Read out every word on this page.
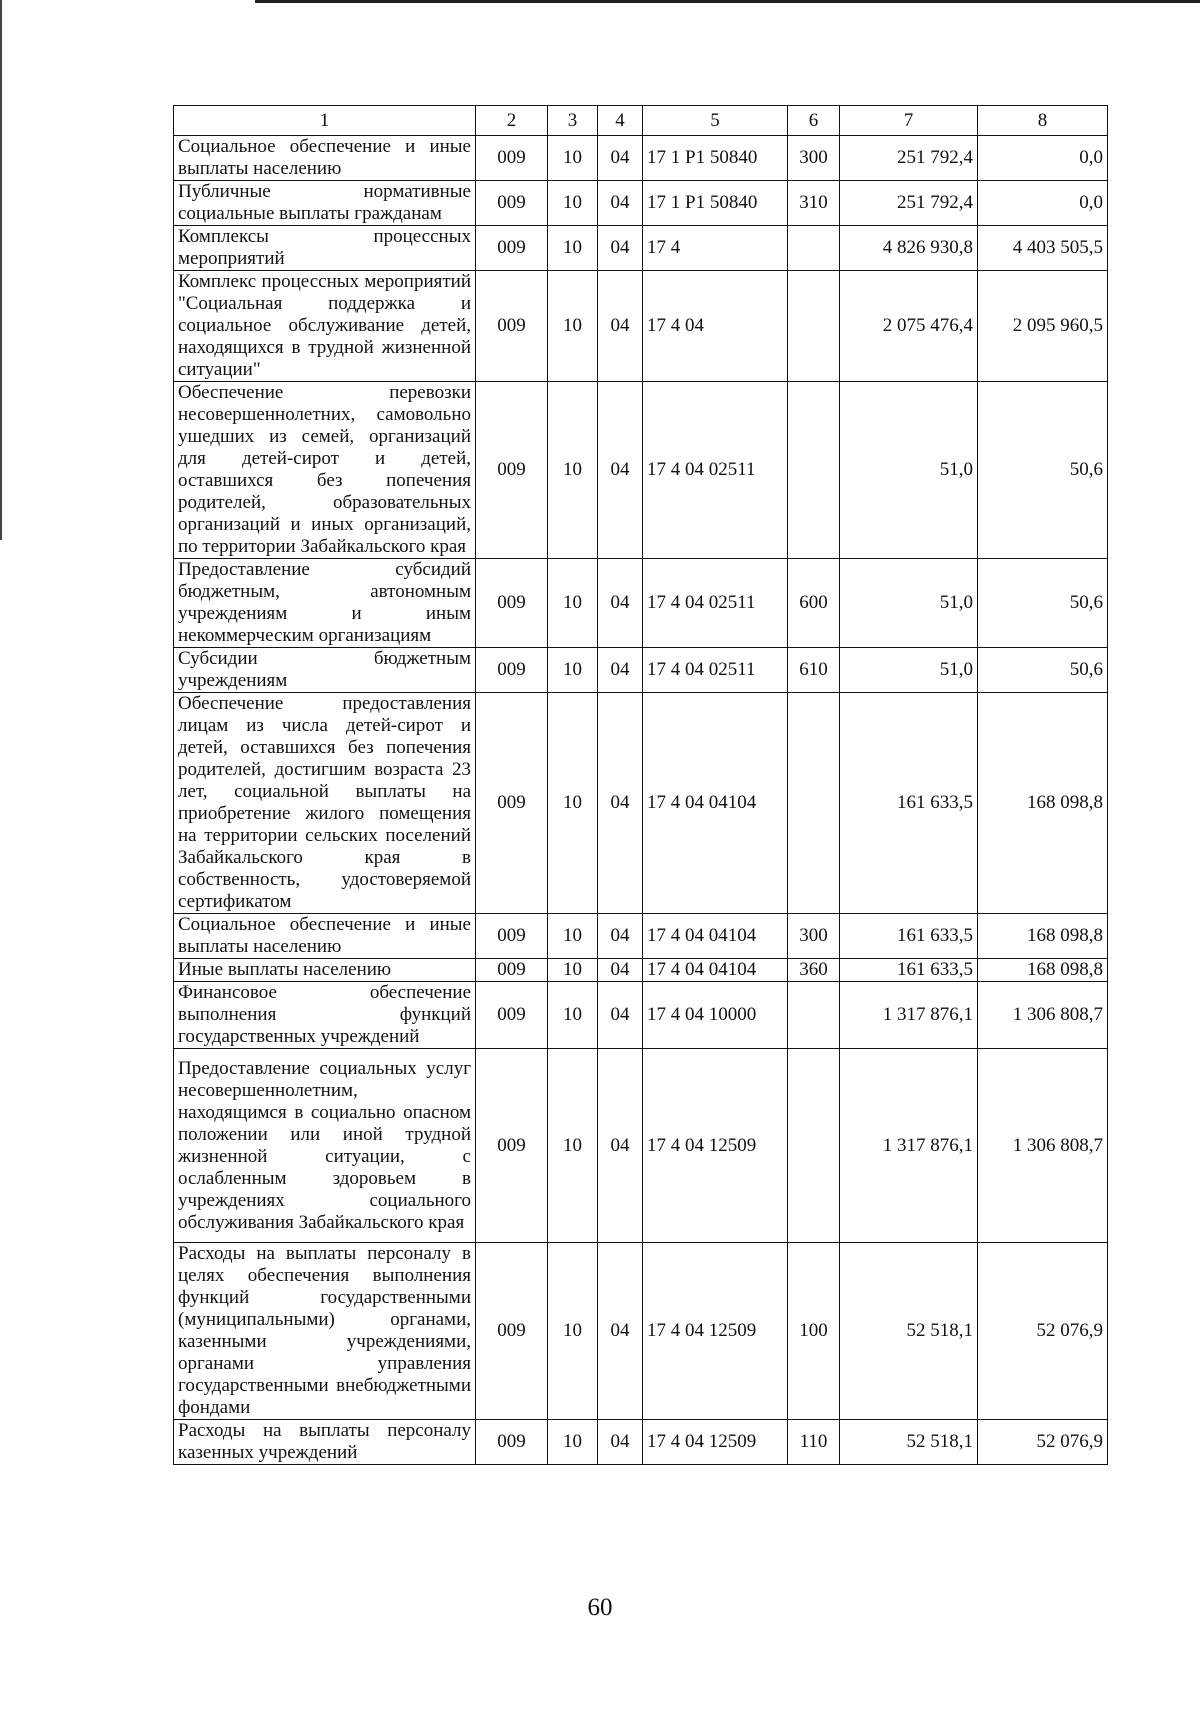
1	2	3	4	5	6	7	8
Социальное обеспечение и иные выплаты населению	009	10	04	17 1 P1 50840	300	251 792,4	0,0
Публичные нормативные социальные выплаты гражданам	009	10	04	17 1 P1 50840	310	251 792,4	0,0
Комплексы процессных мероприятий	009	10	04	17 4		4 826 930,8	4 403 505,5
Комплекс процессных мероприятий "Социальная поддержка и социальное обслуживание детей, находящихся в трудной жизненной ситуации"	009	10	04	17 4 04		2 075 476,4	2 095 960,5
Обеспечение перевозки несовершеннолетних, самовольно ушедших из семей, организаций для детей-сирот и детей, оставшихся без попечения родителей, образовательных организаций и иных организаций, по территории Забайкальского края	009	10	04	17 4 04 02511		51,0	50,6
Предоставление субсидий бюджетным, автономным учреждениям и иным некоммерческим организациям	009	10	04	17 4 04 02511	600	51,0	50,6
Субсидии бюджетным учреждениям	009	10	04	17 4 04 02511	610	51,0	50,6
Обеспечение предоставления лицам из числа детей-сирот и детей, оставшихся без попечения родителей, достигшим возраста 23 лет, социальной выплаты на приобретение жилого помещения на территории сельских поселений Забайкальского края в собственность, удостоверяемой сертификатом	009	10	04	17 4 04 04104		161 633,5	168 098,8
Социальное обеспечение и иные выплаты населению	009	10	04	17 4 04 04104	300	161 633,5	168 098,8
Иные выплаты населению	009	10	04	17 4 04 04104	360	161 633,5	168 098,8
Финансовое обеспечение выполнения функций государственных учреждений	009	10	04	17 4 04 10000		1 317 876,1	1 306 808,7
Предоставление социальных услуг несовершеннолетним, находящимся в социально опасном положении или иной трудной жизненной ситуации, с ослабленным здоровьем в учреждениях социального обслуживания Забайкальского края	009	10	04	17 4 04 12509		1 317 876,1	1 306 808,7
Расходы на выплаты персоналу в целях обеспечения выполнения функций государственными (муниципальными) органами, казенными учреждениями, органами управления государственными внебюджетными фондами	009	10	04	17 4 04 12509	100	52 518,1	52 076,9
Расходы на выплаты персоналу казенных учреждений	009	10	04	17 4 04 12509	110	52 518,1	52 076,9
60
